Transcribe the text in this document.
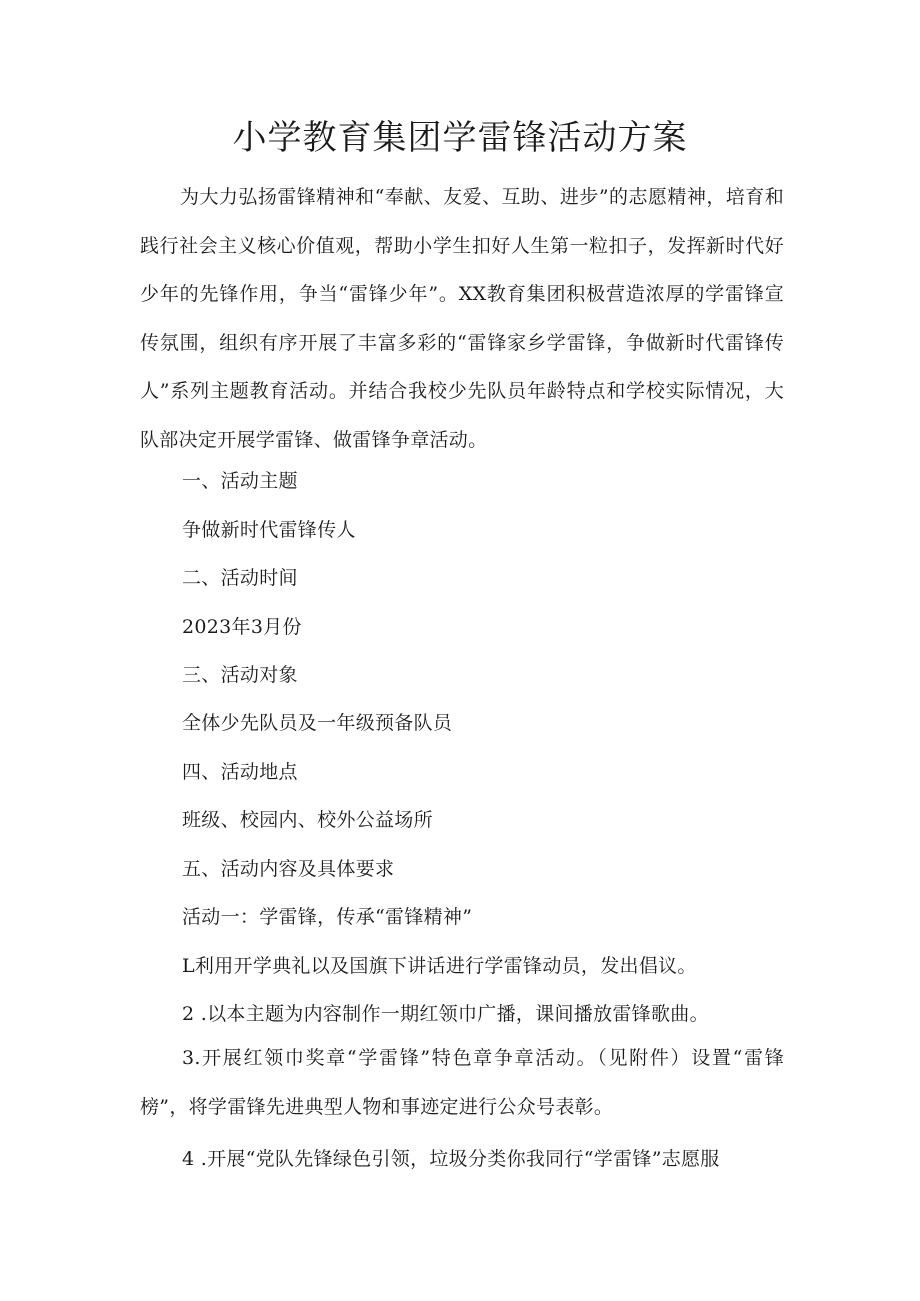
小学教育集团学雷锋活动方案

为大力弘扬雷锋精神和“奉献、友爱、互助、进步”的志愿精神，培育和践行社会主义核心价值观，帮助小学生扣好人生第一粒扣子，发挥新时代好少年的先锋作用，争当“雷锋少年”。XX教育集团积极营造浓厚的学雷锋宣传氛围，组织有序开展了丰富多彩的“雷锋家乡学雷锋，争做新时代雷锋传人”系列主题教育活动。并结合我校少先队员年龄特点和学校实际情况，大队部决定开展学雷锋、做雷锋争章活动。

一、活动主题

争做新时代雷锋传人

二、活动时间

2023年3月份

三、活动对象

全体少先队员及一年级预备队员

四、活动地点

班级、校园内、校外公益场所

五、活动内容及具体要求

活动一：学雷锋，传承“雷锋精神”

L利用开学典礼以及国旗下讲话进行学雷锋动员，发出倡议。

2 .以本主题为内容制作一期红领巾广播，课间播放雷锋歌曲。

3.开展红领巾奖章“学雷锋”特色章争章活动。（见附件）设置“雷锋榜”，将学雷锋先进典型人物和事迹定进行公众号表彰。

4 .开展“党队先锋绿色引领，垃圾分类你我同行“学雷锋”志愿服
